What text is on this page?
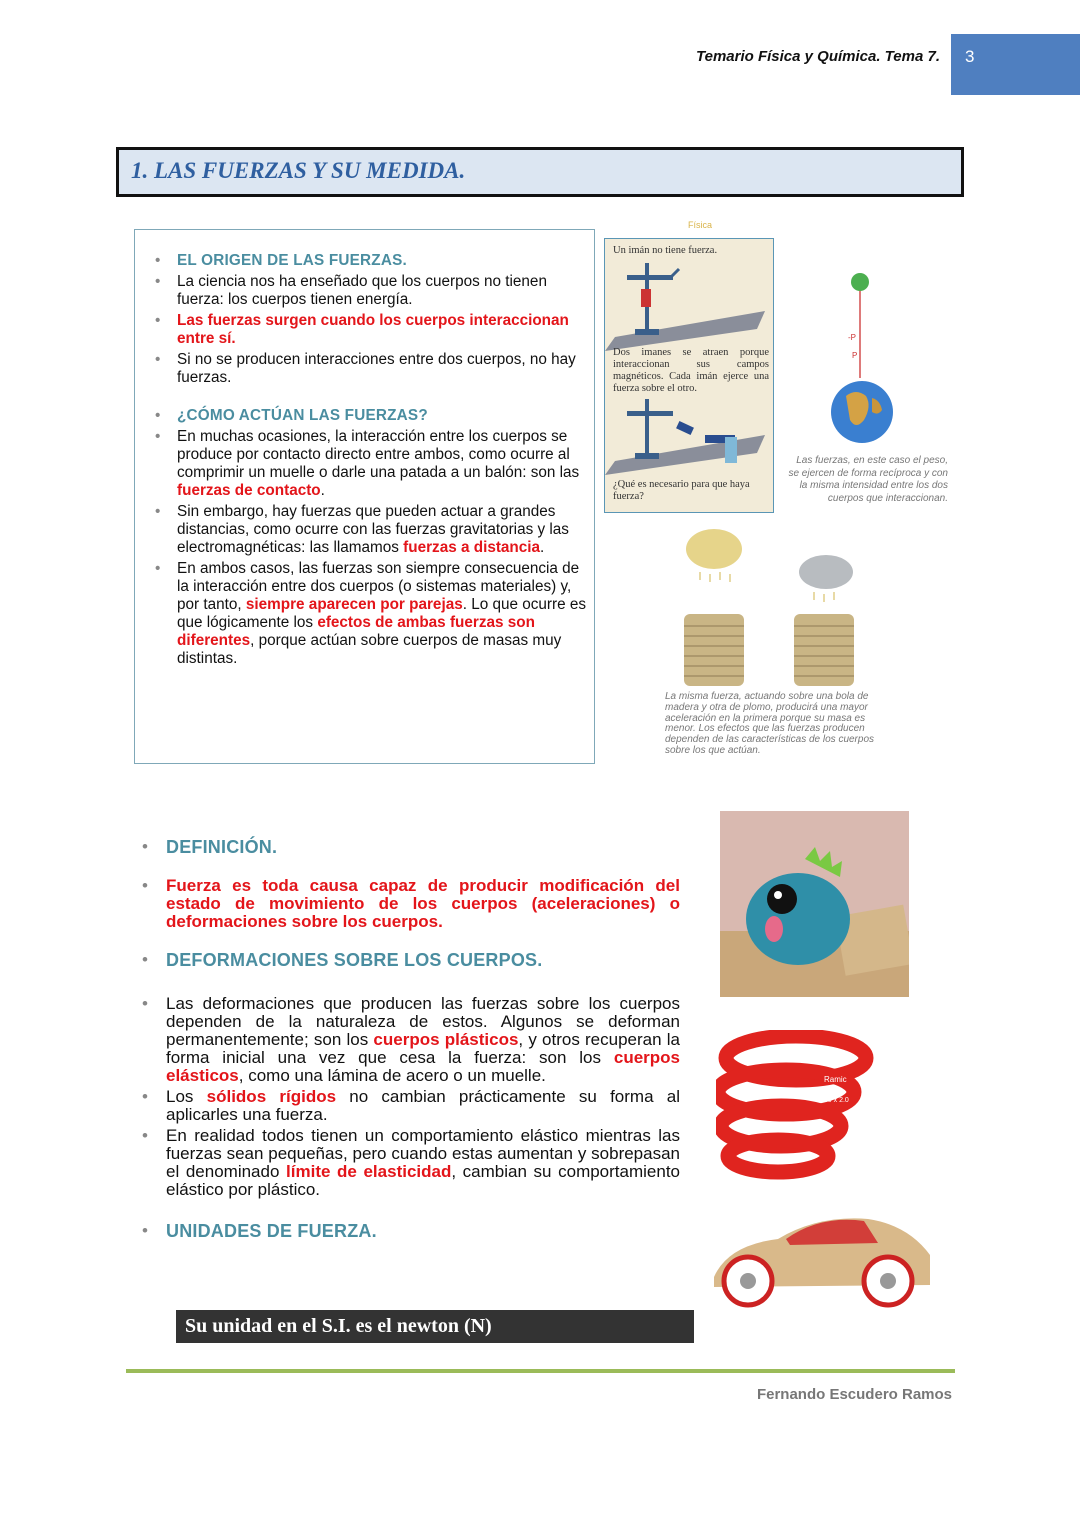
Temario Física y Química. Tema 7.	3
1. LAS FUERZAS Y SU MEDIDA.
• EL ORIGEN DE LAS FUERZAS.
• La ciencia nos ha enseñado que los cuerpos no tienen fuerza: los cuerpos tienen energía.
• Las fuerzas surgen cuando los cuerpos interaccionan entre sí.
• Si no se producen interacciones entre dos cuerpos, no hay fuerzas.
• ¿CÓMO ACTÚAN LAS FUERZAS?
• En muchas ocasiones, la interacción entre los cuerpos se produce por contacto directo entre ambos, como ocurre al comprimir un muelle o darle una patada a un balón: son las fuerzas de contacto.
• Sin embargo, hay fuerzas que pueden actuar a grandes distancias, como ocurre con las fuerzas gravitatorias y las electromagnéticas: las llamamos fuerzas a distancia.
• En ambos casos, las fuerzas son siempre consecuencia de la interacción entre dos cuerpos (o sistemas materiales) y, por tanto, siempre aparecen por parejas. Lo que ocurre es que lógicamente los efectos de ambas fuerzas son diferentes, porque actúan sobre cuerpos de masas muy distintas.
Física
Un imán no tiene fuerza.
Dos imanes se atraen porque interaccionan sus campos magnéticos. Cada imán ejerce una fuerza sobre el otro.
¿Qué es necesario para que haya fuerza?
-P
P
Las fuerzas, en este caso el peso, se ejercen de forma recíproca y con la misma intensidad entre los dos cuerpos que interaccionan.
La misma fuerza, actuando sobre una bola de madera y otra de plomo, producirá una mayor aceleración en la primera porque su masa es menor. Los efectos que las fuerzas producen dependen de las características de los cuerpos sobre los que actúan.
• DEFINICIÓN.
• Fuerza es toda causa capaz de producir modificación del estado de movimiento de los cuerpos (aceleraciones) o deformaciones sobre los cuerpos.
• DEFORMACIONES SOBRE LOS CUERPOS.
• Las deformaciones que producen las fuerzas sobre los cuerpos dependen de la naturaleza de estos. Algunos se deforman permanentemente; son los cuerpos plásticos, y otros recuperan la forma inicial una vez que cesa la fuerza: son los cuerpos elásticos, como una lámina de acero o un muelle.
• Los sólidos rígidos no cambian prácticamente su forma al aplicarles una fuerza.
• En realidad todos tienen un comportamiento elástico mientras las fuerzas sean pequeñas, pero cuando estas aumentan y sobrepasan el denominado límite de elasticidad, cambian su comportamiento elástico por plástico.
• UNIDADES DE FUERZA.
Su unidad en el S.I. es el newton (N)
Ramic
350 x 2.0
Fernando Escudero Ramos
